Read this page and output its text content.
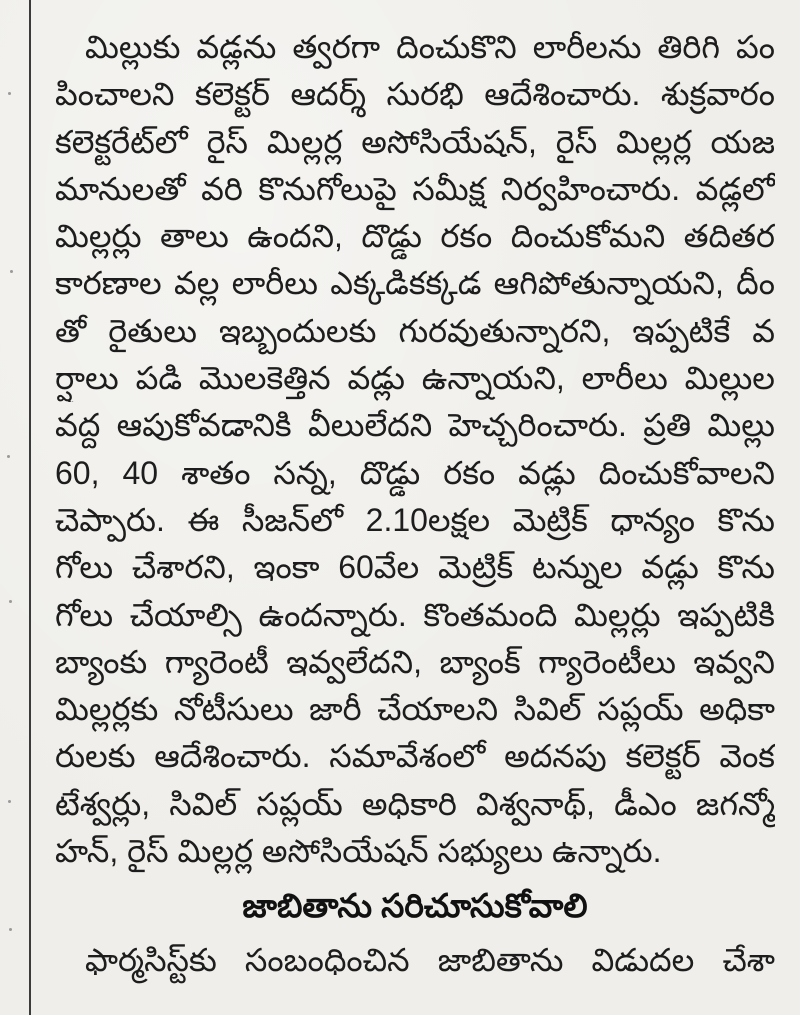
మిల్లుకు వడ్లను త్వరగా దించుకొని లారీలను తిరిగి పం
పించాలని కలెక్టర్ ఆదర్శ్ సురభి ఆదేశించారు. శుక్రవారం
కలెక్టరేట్‌లో రైస్ మిల్లర్ల అసోసియేషన్, రైస్ మిల్లర్ల యజ
మానులతో వరి కొనుగోలుపై సమీక్ష నిర్వహించారు. వడ్లలో
మిల్లర్లు తాలు ఉందని, దొడ్డు రకం దించుకోమని తదితర
కారణాల వల్ల లారీలు ఎక్కడికక్కడ ఆగిపోతున్నాయని, దీం
తో రైతులు ఇబ్బందులకు గురవుతున్నారని, ఇప్పటికే వ
ర్షాలు పడి మొలకెత్తిన వడ్లు ఉన్నాయని, లారీలు మిల్లుల
వద్ద ఆపుకోవడానికి వీలులేదని హెచ్చరించారు. ప్రతి మిల్లు
60, 40 శాతం సన్న, దొడ్డు రకం వడ్లు దించుకోవాలని
చెప్పారు. ఈ సీజన్‌లో 2.10లక్షల మెట్రిక్ ధాన్యం కొను
గోలు చేశారని, ఇంకా 60వేల మెట్రిక్ టన్నుల వడ్లు కొను
గోలు చేయాల్సి ఉందన్నారు. కొంతమంది మిల్లర్లు ఇప్పటికి
బ్యాంకు గ్యారెంటీ ఇవ్వలేదని, బ్యాంక్ గ్యారెంటీలు ఇవ్వని
మిల్లర్లకు నోటీసులు జారీ చేయాలని సివిల్ సప్లయ్ అధికా
రులకు ఆదేశించారు. సమావేశంలో అదనపు కలెక్టర్ వెంక
టేశ్వర్లు, సివిల్ సప్లయ్ అధికారి విశ్వనాథ్, డీఎం జగన్మో
హన్, రైస్ మిల్లర్ల అసోసియేషన్ సభ్యులు ఉన్నారు.
జాబితాను సరిచూసుకోవాలి
ఫార్మసిస్ట్‌కు సంబంధించిన జాబితాను విడుదల చేశా
